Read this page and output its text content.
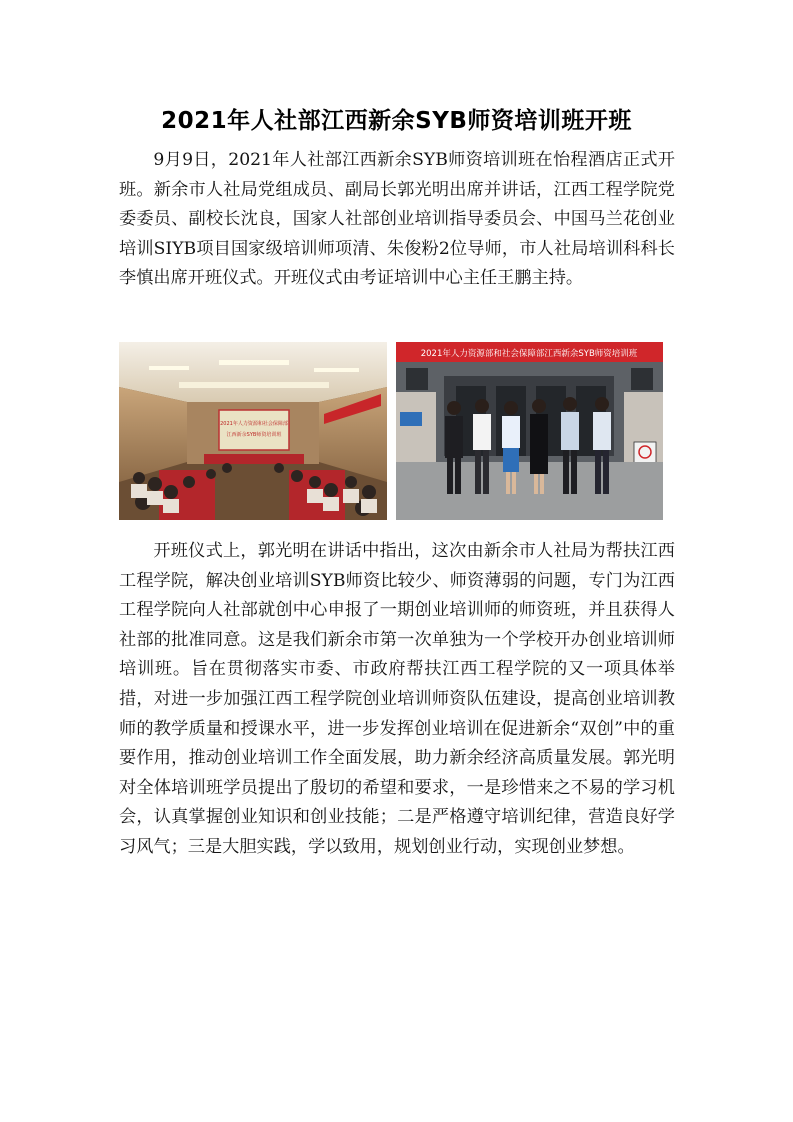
2021年人社部江西新余SYB师资培训班开班

9月9日，2021年人社部江西新余SYB师资培训班在怡程酒店正式开班。新余市人社局党组成员、副局长郭光明出席并讲话，江西工程学院党委委员、副校长沈良，国家人社部创业培训指导委员会、中国马兰花创业培训SIYB项目国家级培训师项清、朱俊粉2位导师，市人社局培训科科长李慎出席开班仪式。开班仪式由考证培训中心主任王鹏主持。

2021年人力资源和社会保障部
江西新余SYB师资培训班
2021年人力资源部和社会保障部江西新余SYB师资培训班

开班仪式上，郭光明在讲话中指出，这次由新余市人社局为帮扶江西工程学院，解决创业培训SYB师资比较少、师资薄弱的问题，专门为江西工程学院向人社部就创中心申报了一期创业培训师的师资班，并且获得人社部的批准同意。这是我们新余市第一次单独为一个学校开办创业培训师培训班。旨在贯彻落实市委、市政府帮扶江西工程学院的又一项具体举措，对进一步加强江西工程学院创业培训师资队伍建设，提高创业培训教师的教学质量和授课水平，进一步发挥创业培训在促进新余“双创”中的重要作用，推动创业培训工作全面发展，助力新余经济高质量发展。郭光明对全体培训班学员提出了殷切的希望和要求，一是珍惜来之不易的学习机会，认真掌握创业知识和创业技能；二是严格遵守培训纪律，营造良好学习风气；三是大胆实践，学以致用，规划创业行动，实现创业梦想。
